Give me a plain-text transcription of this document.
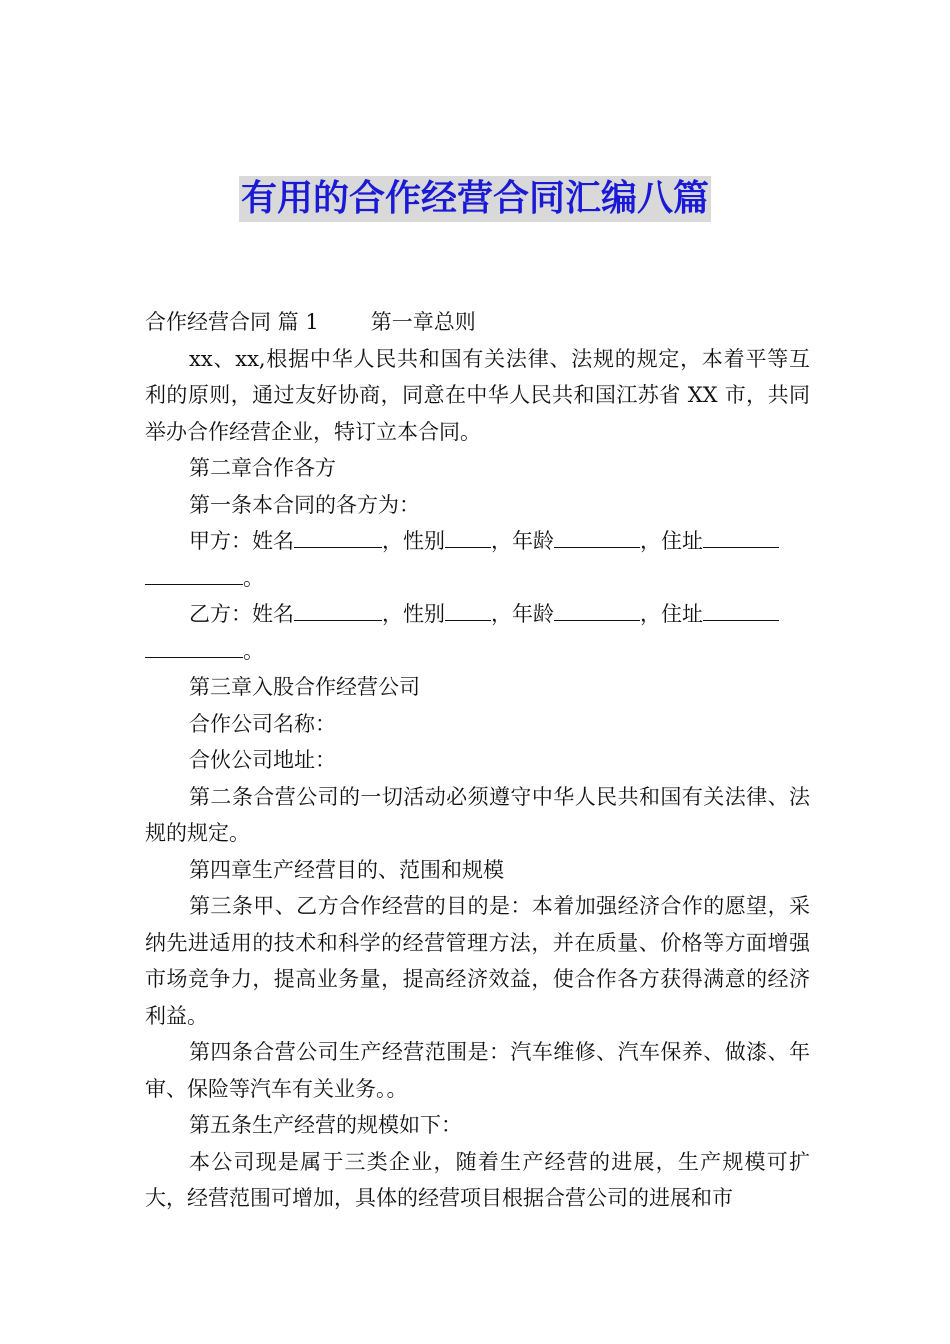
有用的合作经营合同汇编八篇

合作经营合同 篇 1 第一章总则

xx、xx,根据中华人民共和国有关法律、法规的规定，本着平等互利的原则，通过友好协商，同意在中华人民共和国江苏省 XX 市，共同举办合作经营企业，特订立本合同。

第二章合作各方

第一条本合同的各方为：

甲方：姓名	，性别 ，年龄	，住址
。

乙方：姓名	，性别 ，年龄	，住址
。

第三章入股合作经营公司

合作公司名称：

合伙公司地址：

第二条合营公司的一切活动必须遵守中华人民共和国有关法律、法规的规定。

第四章生产经营目的、范围和规模

第三条甲、乙方合作经营的目的是：本着加强经济合作的愿望，采纳先进适用的技术和科学的经营管理方法，并在质量、价格等方面增强市场竞争力，提高业务量，提高经济效益，使合作各方获得满意的经济利益。

第四条合营公司生产经营范围是：汽车维修、汽车保养、做漆、年审、保险等汽车有关业务。。

第五条生产经营的规模如下：

本公司现是属于三类企业，随着生产经营的进展，生产规模可扩大，经营范围可增加，具体的经营项目根据合营公司的进展和市
